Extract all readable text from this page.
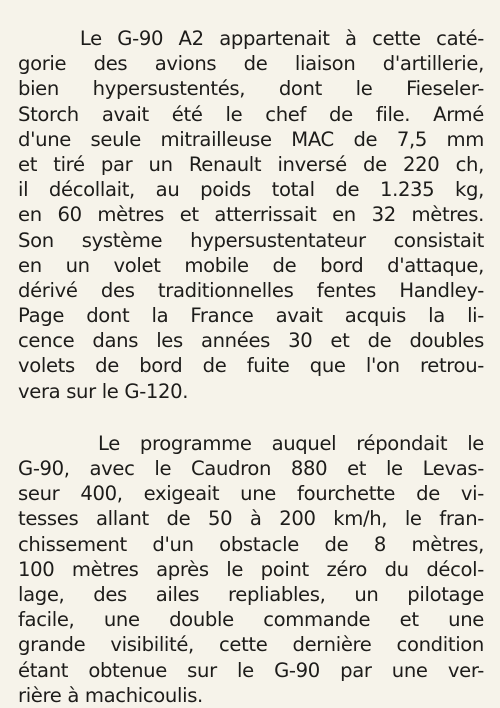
Le G-90 A2 appartenait à cette caté-
gorie des avions de liaison d'artillerie,
bien hypersustentés, dont le Fieseler-
Storch avait été le chef de file. Armé
d'une seule mitrailleuse MAC de 7,5 mm
et tiré par un Renault inversé de 220 ch,
il décollait, au poids total de 1.235 kg,
en 60 mètres et atterrissait en 32 mètres.
Son système hypersustentateur consistait
en un volet mobile de bord d'attaque,
dérivé des traditionnelles fentes Handley-
Page dont la France avait acquis la li-
cence dans les années 30 et de doubles
volets de bord de fuite que l'on retrou-
vera sur le G-120.

Le programme auquel répondait le
G-90, avec le Caudron 880 et le Levas-
seur 400, exigeait une fourchette de vi-
tesses allant de 50 à 200 km/h, le fran-
chissement d'un obstacle de 8 mètres,
100 mètres après le point zéro du décol-
lage, des ailes repliables, un pilotage
facile, une double commande et une
grande visibilité, cette dernière condition
étant obtenue sur le G-90 par une ver-
rière à machicoulis.
